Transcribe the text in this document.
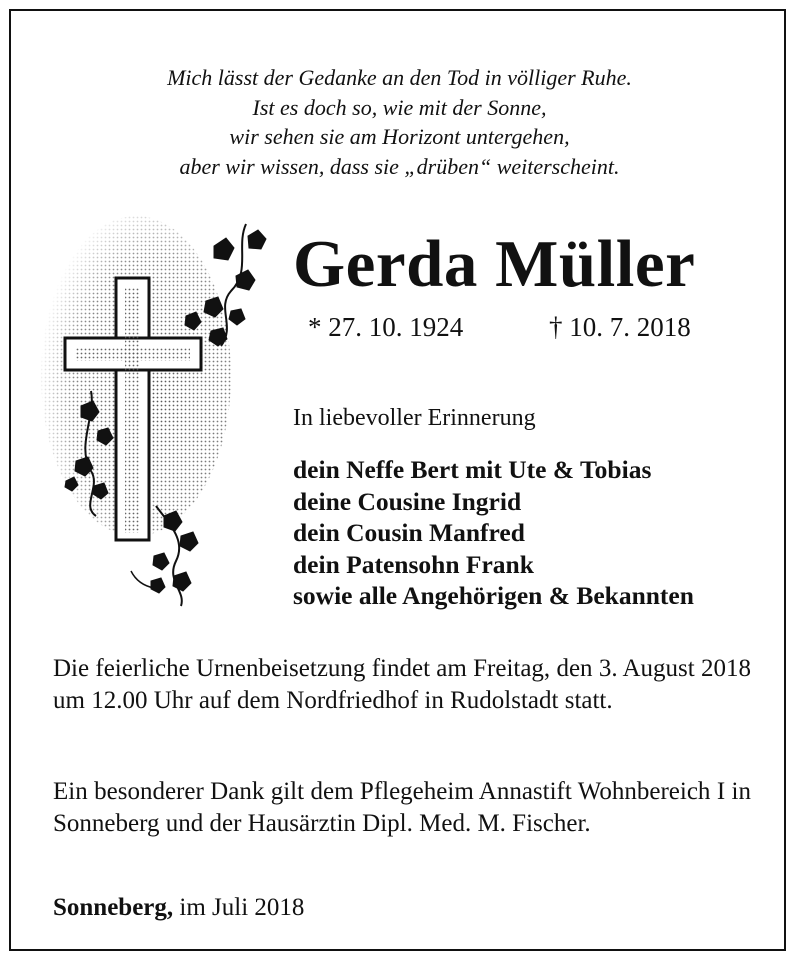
Mich lässt der Gedanke an den Tod in völliger Ruhe.
Ist es doch so, wie mit der Sonne,
wir sehen sie am Horizont untergehen,
aber wir wissen, dass sie „drüben“ weiterscheint.
Gerda Müller
* 27. 10. 1924	† 10. 7. 2018
In liebevoller Erinnerung
dein Neffe Bert mit Ute & Tobias
deine Cousine Ingrid
dein Cousin Manfred
dein Patensohn Frank
sowie alle Angehörigen & Bekannten
Die feierliche Urnenbeisetzung findet am Freitag, den 3. August 2018 um 12.00 Uhr auf dem Nordfriedhof in Rudolstadt statt.
Ein besonderer Dank gilt dem Pflegeheim Annastift Wohnbereich I in Sonneberg und der Hausärztin Dipl. Med. M. Fischer.
Sonneberg, im Juli 2018
